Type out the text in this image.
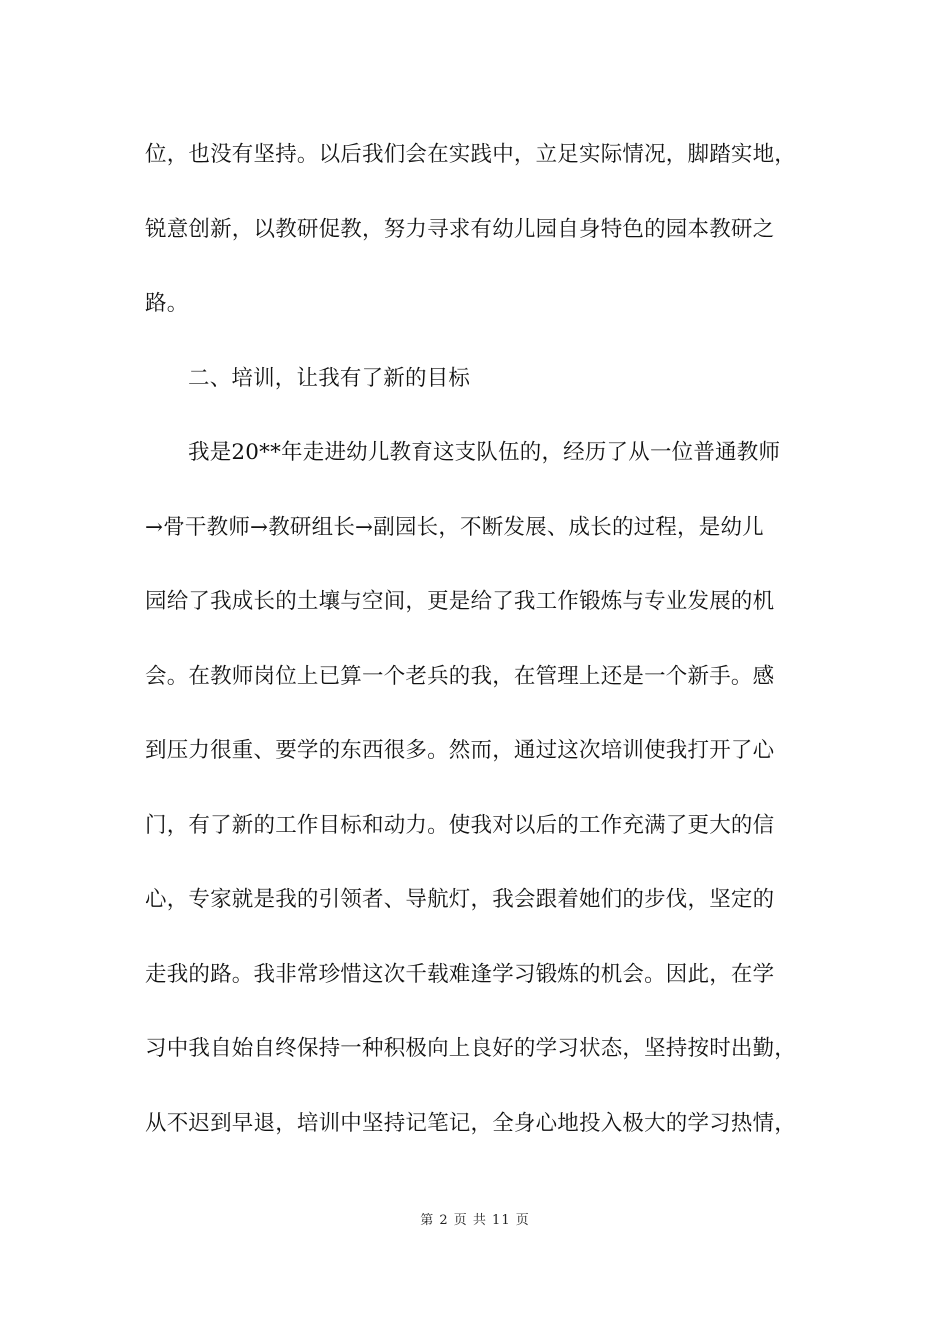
位，也没有坚持。以后我们会在实践中，立足实际情况，脚踏实地，
锐意创新，以教研促教，努力寻求有幼儿园自身特色的园本教研之
路。
二、培训，让我有了新的目标
我是20**年走进幼儿教育这支队伍的，经历了从一位普通教师
→骨干教师→教研组长→副园长，不断发展、成长的过程，是幼儿
园给了我成长的土壤与空间，更是给了我工作锻炼与专业发展的机
会。在教师岗位上已算一个老兵的我，在管理上还是一个新手。感
到压力很重、要学的东西很多。然而，通过这次培训使我打开了心
门，有了新的工作目标和动力。使我对以后的工作充满了更大的信
心，专家就是我的引领者、导航灯，我会跟着她们的步伐，坚定的
走我的路。我非常珍惜这次千载难逢学习锻炼的机会。因此，在学
习中我自始自终保持一种积极向上良好的学习状态，坚持按时出勤，
从不迟到早退，培训中坚持记笔记，全身心地投入极大的学习热情，
第 2 页 共 11 页
